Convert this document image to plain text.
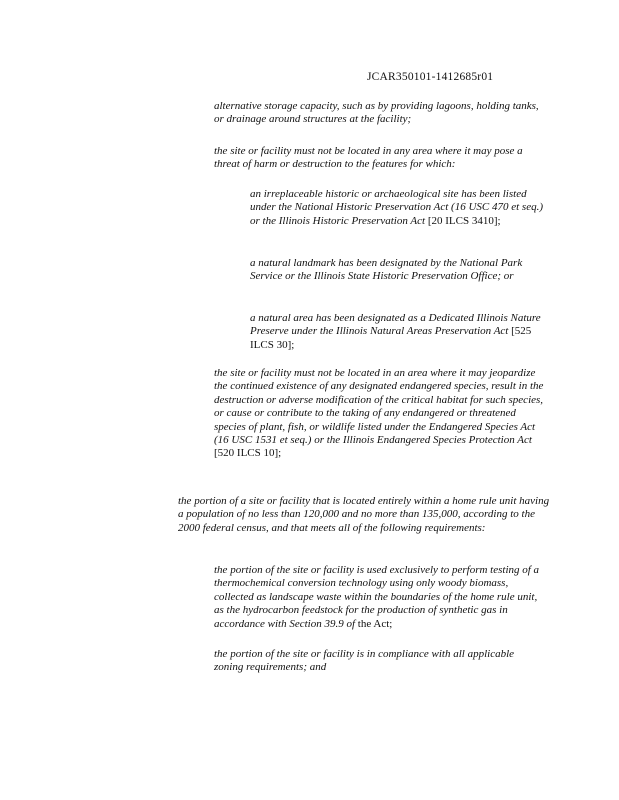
JCAR350101-1412685r01

alternative storage capacity, such as by providing lagoons, holding tanks, or drainage around structures at the facility;

the site or facility must not be located in any area where it may pose a threat of harm or destruction to the features for which:

an irreplaceable historic or archaeological site has been listed under the National Historic Preservation Act (16 USC 470 et seq.) or the Illinois Historic Preservation Act [20 ILCS 3410];

a natural landmark has been designated by the National Park Service or the Illinois State Historic Preservation Office; or

a natural area has been designated as a Dedicated Illinois Nature Preserve under the Illinois Natural Areas Preservation Act [525 ILCS 30];

the site or facility must not be located in an area where it may jeopardize the continued existence of any designated endangered species, result in the destruction or adverse modification of the critical habitat for such species, or cause or contribute to the taking of any endangered or threatened species of plant, fish, or wildlife listed under the Endangered Species Act (16 USC 1531 et seq.) or the Illinois Endangered Species Protection Act [520 ILCS 10];

the portion of a site or facility that is located entirely within a home rule unit having a population of no less than 120,000 and no more than 135,000, according to the 2000 federal census, and that meets all of the following requirements:

the portion of the site or facility is used exclusively to perform testing of a thermochemical conversion technology using only woody biomass, collected as landscape waste within the boundaries of the home rule unit, as the hydrocarbon feedstock for the production of synthetic gas in accordance with Section 39.9 of the Act;

the portion of the site or facility is in compliance with all applicable zoning requirements; and
